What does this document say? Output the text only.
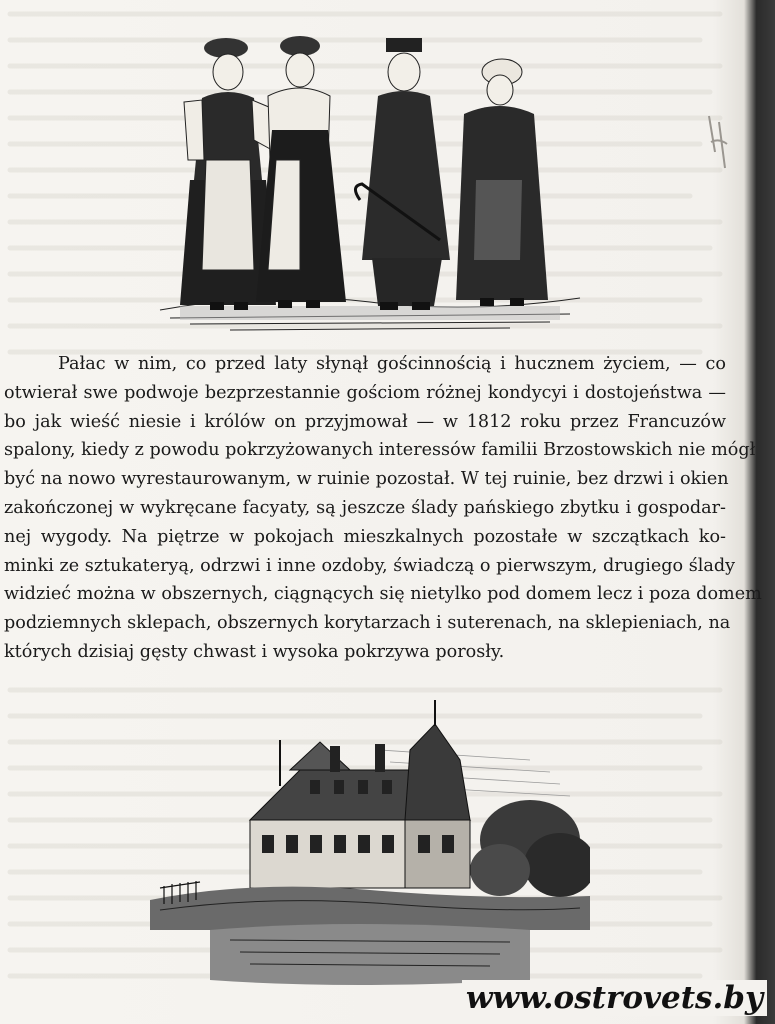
Pałac w nim, co przed laty słynął gościnnością i hucznem życiem, — co
otwierał swe podwoje bezprzestannie gościom różnej kondycyi i dostojeństwa —
bo jak wieść niesie i królów on przyjmował — w 1812 roku przez Francuzów
spalony, kiedy z powodu pokrzyżowanych interessów familii Brzostowskich nie mógł
być na nowo wyrestaurowanym, w ruinie pozostał. W tej ruinie, bez drzwi i okien
zakończonej w wykręcane facyaty, są jeszcze ślady pańskiego zbytku i gospodar-
nej wygody. Na piętrze w pokojach mieszkalnych pozostałe w szczątkach ko-
minki ze sztukateryą, odrzwi i inne ozdoby, świadczą o pierwszym, drugiego ślady
widzieć można w obszernych, ciągnących się nietylko pod domem lecz i poza domem
podziemnych sklepach, obszernych korytarzach i suterenach, na sklepieniach, na
których dzisiaj gęsty chwast i wysoka pokrzywa porosły.
www.ostrovets.by
